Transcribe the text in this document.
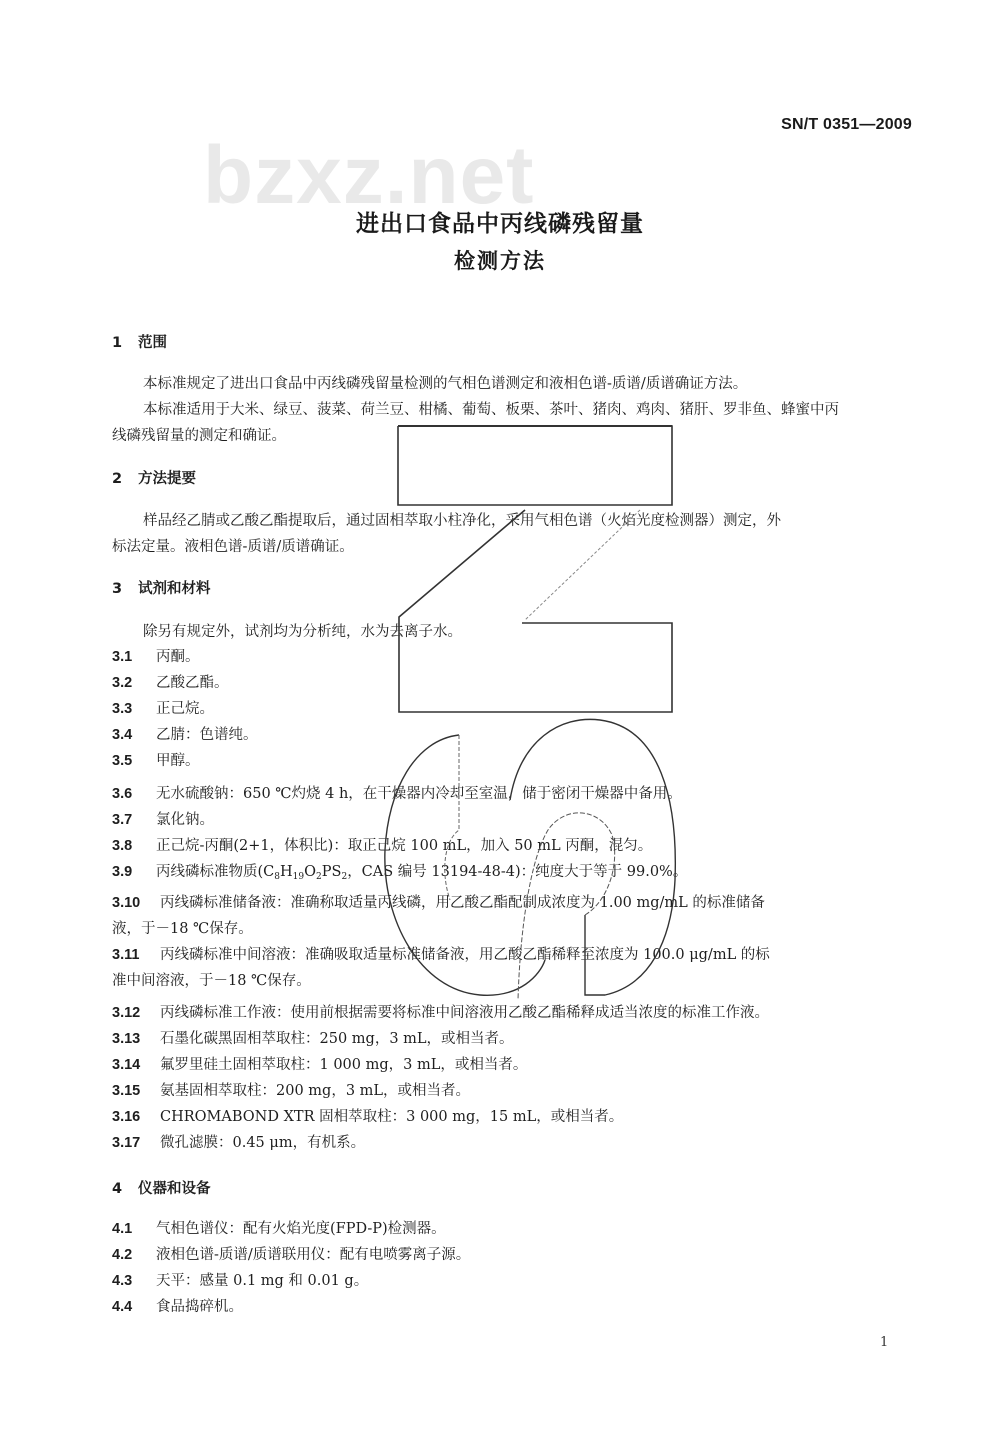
SN/T 0351—2009
bzxz.net
进出口食品中丙线磷残留量
检测方法
1 范围
本标准规定了进出口食品中丙线磷残留量检测的气相色谱测定和液相色谱-质谱/质谱确证方法。
本标准适用于大米、绿豆、菠菜、荷兰豆、柑橘、葡萄、板栗、茶叶、猪肉、鸡肉、猪肝、罗非鱼、蜂蜜中丙
线磷残留量的测定和确证。
2 方法提要
样品经乙腈或乙酸乙酯提取后，通过固相萃取小柱净化，采用气相色谱（火焰光度检测器）测定，外
标法定量。液相色谱-质谱/质谱确证。
3 试剂和材料
除另有规定外，试剂均为分析纯，水为去离子水。
3.1 丙酮。
3.2 乙酸乙酯。
3.3 正己烷。
3.4 乙腈：色谱纯。
3.5 甲醇。
3.6 无水硫酸钠：650 ℃灼烧 4 h，在干燥器内冷却至室温，储于密闭干燥器中备用。
3.7 氯化钠。
3.8 正己烷-丙酮(2+1，体积比)：取正己烷 100 mL，加入 50 mL 丙酮，混匀。
3.9 丙线磷标准物质($C_8H_{19}O_2PS_2$，CAS 编号 13194-48-4)：纯度大于等于 99.0%。
3.10 丙线磷标准储备液：准确称取适量丙线磷，用乙酸乙酯配制成浓度为 1.00 mg/mL 的标准储备
液，于－18 ℃保存。
3.11 丙线磷标准中间溶液：准确吸取适量标准储备液，用乙酸乙酯稀释至浓度为 100.0 μg/mL 的标
准中间溶液，于－18 ℃保存。
3.12 丙线磷标准工作液：使用前根据需要将标准中间溶液用乙酸乙酯稀释成适当浓度的标准工作液。
3.13 石墨化碳黑固相萃取柱：250 mg，3 mL，或相当者。
3.14 氟罗里硅土固相萃取柱：1 000 mg，3 mL，或相当者。
3.15 氨基固相萃取柱：200 mg，3 mL，或相当者。
3.16 CHROMABOND XTR 固相萃取柱：3 000 mg，15 mL，或相当者。
3.17 微孔滤膜：0.45 μm，有机系。
4 仪器和设备
4.1 气相色谱仪：配有火焰光度(FPD-P)检测器。
4.2 液相色谱-质谱/质谱联用仪：配有电喷雾离子源。
4.3 天平：感量 0.1 mg 和 0.01 g。
4.4 食品捣碎机。
1
